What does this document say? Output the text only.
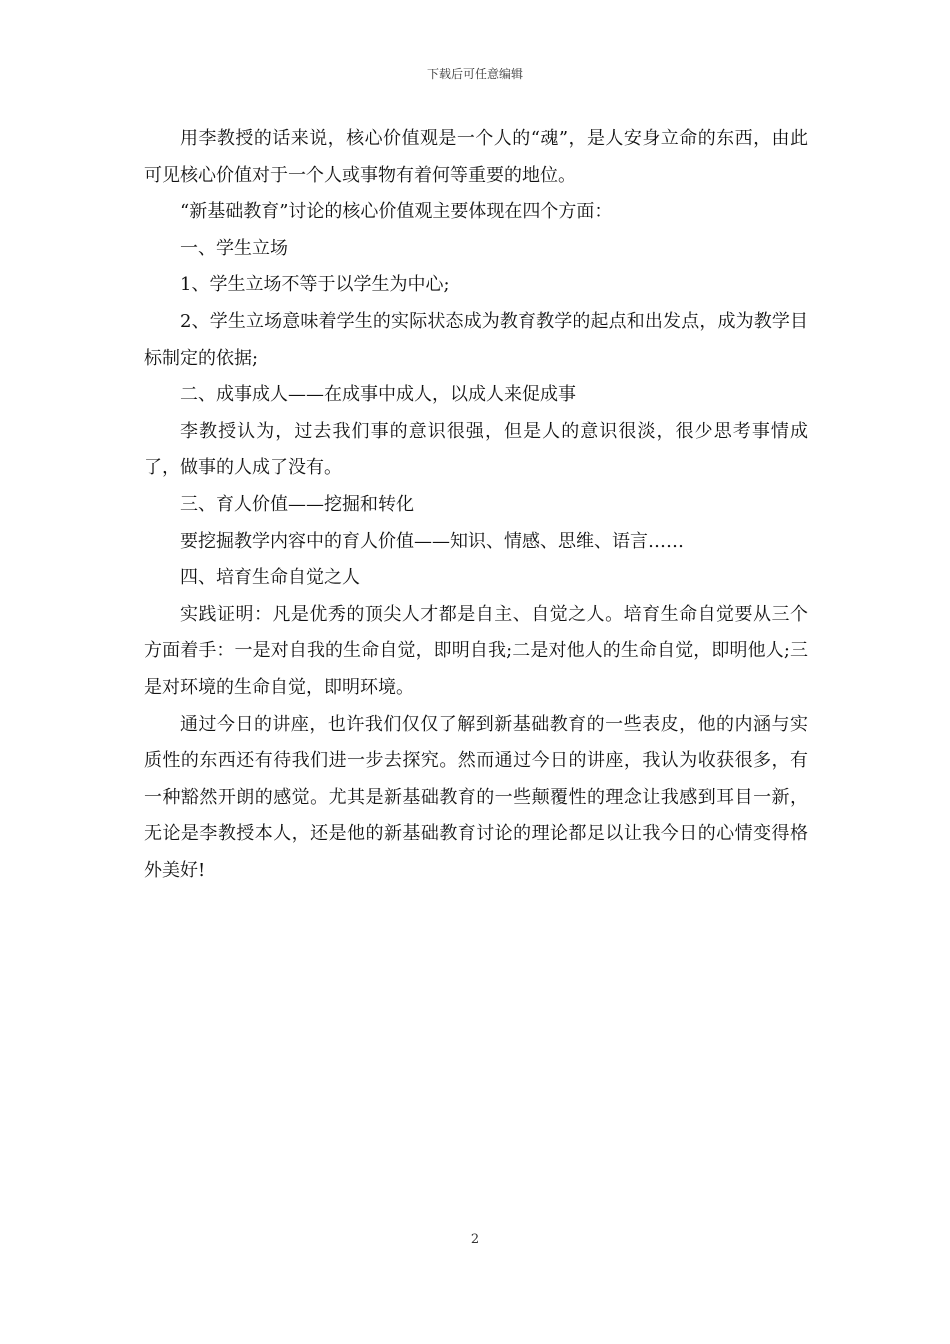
下载后可任意编辑

用李教授的话来说，核心价值观是一个人的“魂”，是人安身立命的东西，由此可见核心价值对于一个人或事物有着何等重要的地位。

“新基础教育”讨论的核心价值观主要体现在四个方面：

一、学生立场

1、学生立场不等于以学生为中心;

2、学生立场意味着学生的实际状态成为教育教学的起点和出发点，成为教学目标制定的依据;

二、成事成人——在成事中成人，以成人来促成事

李教授认为，过去我们事的意识很强，但是人的意识很淡，很少思考事情成了，做事的人成了没有。

三、育人价值——挖掘和转化

要挖掘教学内容中的育人价值——知识、情感、思维、语言……

四、培育生命自觉之人

实践证明：凡是优秀的顶尖人才都是自主、自觉之人。培育生命自觉要从三个方面着手：一是对自我的生命自觉，即明自我;二是对他人的生命自觉，即明他人;三是对环境的生命自觉，即明环境。

通过今日的讲座，也许我们仅仅了解到新基础教育的一些表皮，他的内涵与实质性的东西还有待我们进一步去探究。然而通过今日的讲座，我认为收获很多，有一种豁然开朗的感觉。尤其是新基础教育的一些颠覆性的理念让我感到耳目一新，无论是李教授本人，还是他的新基础教育讨论的理论都足以让我今日的心情变得格外美好!

2
